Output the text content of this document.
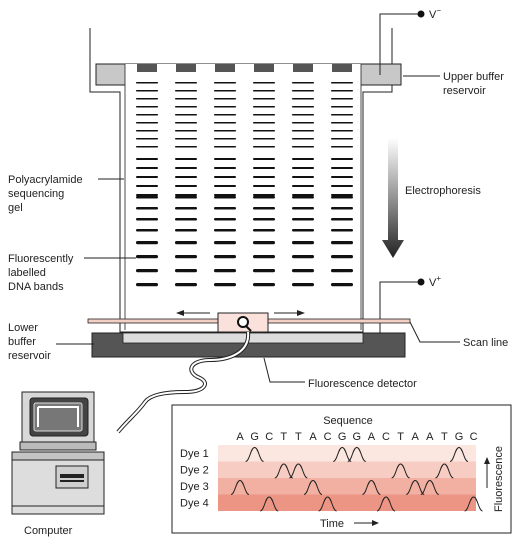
V−
Upper buffer
reservoir
Polyacrylamide
sequencing
gel
Fluorescently
labelled
DNA bands
Electrophoresis
V+
Lower
buffer
reservoir
Scan line
Fluorescence detector
Computer
Sequence
A G C T T A C G G A C T A A T G C
Dye 1
Dye 2
Dye 3
Dye 4
Time
Fluorescence
